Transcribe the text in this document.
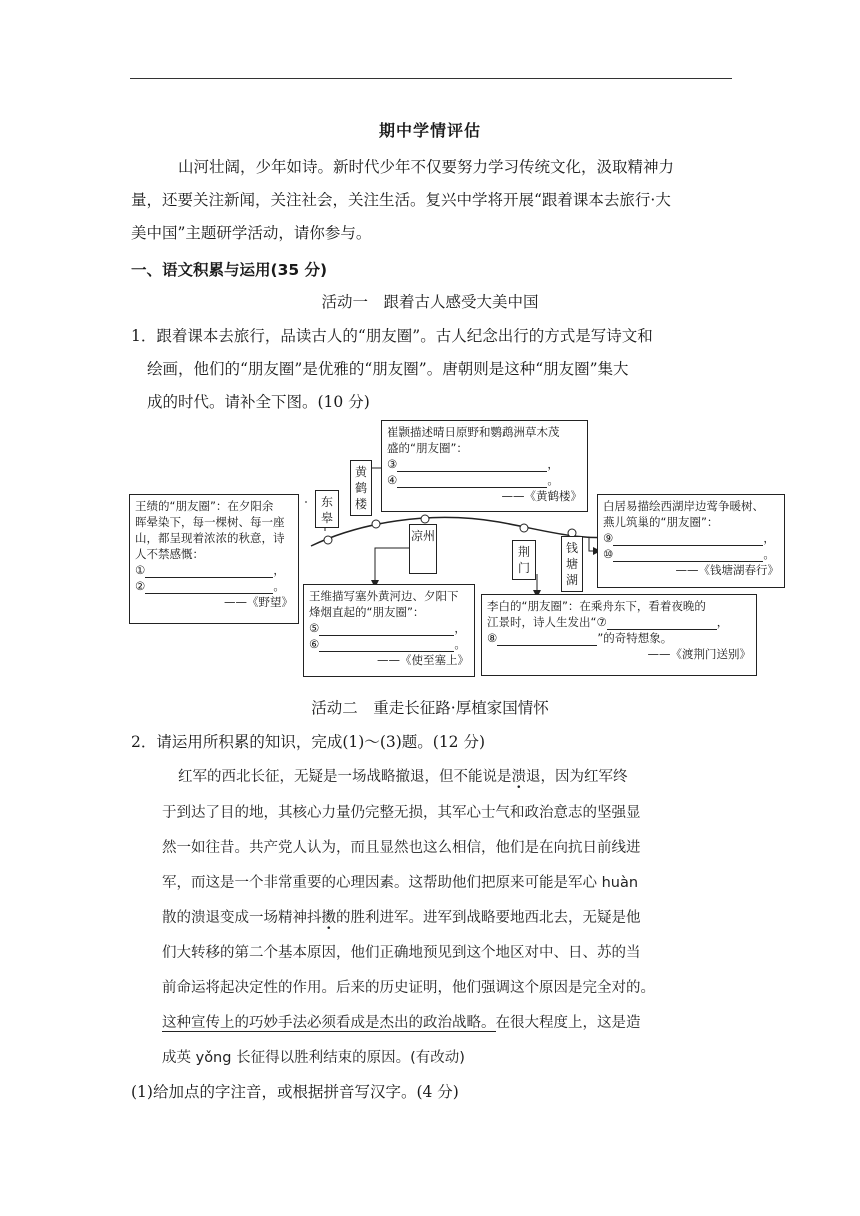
期中学情评估
山河壮阔，少年如诗。新时代少年不仅要努力学习传统文化，汲取精神力
量，还要关注新闻，关注社会，关注生活。复兴中学将开展“跟着课本去旅行·大
美中国”主题研学活动，请你参与。
一、语文积累与运用(35 分)
活动一　跟着古人感受大美中国
1．跟着课本去旅行，品读古人的“朋友圈”。古人纪念出行的方式是写诗文和
绘画，他们的“朋友圈”是优雅的“朋友圈”。唐朝则是这种“朋友圈”集大
成的时代。请补全下图。(10 分)
崔颢描述晴日原野和鹦鹉洲草木茂
盛的“朋友圈”：
③	，
④	。
——《黄鹤楼》
王绩的“朋友圈”：在夕阳余
晖晕染下，每一棵树、每一座
山，都呈现着浓浓的秋意，诗
人不禁感慨：
①	，
②	。
——《野望》
白居易描绘西湖岸边莺争暖树、
燕儿筑巢的“朋友圈”：
⑨	，
⑩	。
——《钱塘湖春行》
王维描写塞外黄河边、夕阳下
烽烟直起的“朋友圈”：
⑤	，
⑥	。
——《使至塞上》
李白的“朋友圈”：在乘舟东下，看着夜晚的
江景时，诗人生发出“⑦	，
⑧	”的奇特想象。
——《渡荆门送别》
东皋
黄鹤楼
凉州
荆门
钱塘湖
活动二　重走长征路·厚植家国情怀
2．请运用所积累的知识，完成(1)～(3)题。(12 分)
红军的西北长征，无疑是一场战略撤退，但不能说是溃退，因为红军终
于到达了目的地，其核心力量仍完整无损，其军心士气和政治意志的坚强显
然一如往昔。共产党人认为，而且显然也这么相信，他们是在向抗日前线进
军，而这是一个非常重要的心理因素。这帮助他们把原来可能是军心 huàn
散的溃退变成一场精神抖擞的胜利进军。进军到战略要地西北去，无疑是他
们大转移的第二个基本原因，他们正确地预见到这个地区对中、日、苏的当
前命运将起决定性的作用。后来的历史证明，他们强调这个原因是完全对的。
这种宣传上的巧妙手法必须看成是杰出的政治战略。在很大程度上，这是造
成英 yǒng 长征得以胜利结束的原因。(有改动)
(1)给加点的字注音，或根据拼音写汉字。(4 分)
